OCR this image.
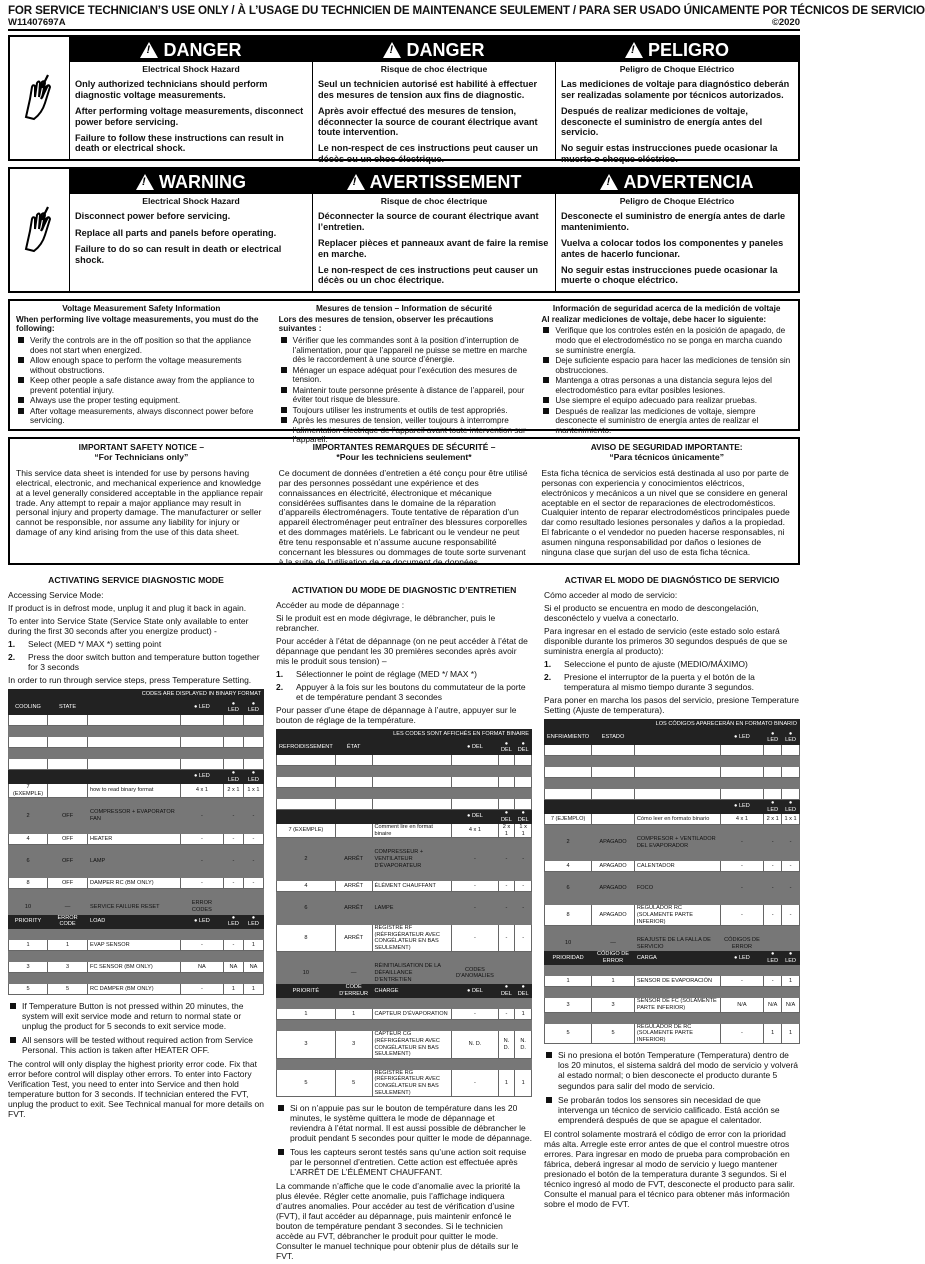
FOR SERVICE TECHNICIAN’S USE ONLY / À L’USAGE DU TECHNICIEN DE MAINTENANCE SEULEMENT / PARA SER USADO ÚNICAMENTE POR TÉCNICOS DE SERVICIO
W11407697A	©2020
! DANGER
Electrical Shock Hazard

Only authorized technicians should perform diagnostic voltage measurements.

After performing voltage measurements, disconnect power before servicing.

Failure to follow these instructions can result in death or electrical shock.

! DANGER
Risque de choc électrique

Seul un technicien autorisé est habilité à effectuer des mesures de tension aux fins de diagnostic.

Après avoir effectué des mesures de tension, déconnecter la source de courant électrique avant toute intervention.

Le non-respect de ces instructions peut causer un décès ou un choc électrique.

! PELIGRO
Peligro de Choque Eléctrico

Las mediciones de voltaje para diagnóstico deberán ser realizadas solamente por técnicos autorizados.

Después de realizar mediciones de voltaje, desconecte el suministro de energía antes del servicio.

No seguir estas instrucciones puede ocasionar la muerte o choque eléctrico.

! WARNING
Electrical Shock Hazard

Disconnect power before servicing.

Replace all parts and panels before operating.

Failure to do so can result in death or electrical shock.

! AVERTISSEMENT
Risque de choc électrique

Déconnecter la source de courant électrique avant l’entretien.

Replacer pièces et panneaux avant de faire la remise en marche.

Le non-respect de ces instructions peut causer un décès ou un choc électrique.

! ADVERTENCIA
Peligro de Choque Eléctrico

Desconecte el suministro de energía antes de darle mantenimiento.

Vuelva a colocar todos los componentes y paneles antes de hacerlo funcionar.

No seguir estas instrucciones puede ocasionar la muerte o choque eléctrico.

Voltage Measurement Safety Information
When performing live voltage measurements, you must do the following:
Verify the controls are in the off position so that the appliance does not start when energized.
Allow enough space to perform the voltage measurements without obstructions.
Keep other people a safe distance away from the appliance to prevent potential injury.
Always use the proper testing equipment.
After voltage measurements, always disconnect power before servicing.
Mesures de tension – Information de sécurité
Lors des mesures de tension, observer les précautions suivantes :
Vérifier que les commandes sont à la position d’interruption de l’alimentation, pour que l’appareil ne puisse se mettre en marche dès le raccordement à une source d’énergie.
Ménager un espace adéquat pour l’exécution des mesures de tension.
Maintenir toute personne présente à distance de l’appareil, pour éviter tout risque de blessure.
Toujours utiliser les instruments et outils de test appropriés.
Après les mesures de tension, veiller toujours à interrompre l’alimentation électrique de l’appareil avant toute intervention sur l’appareil.
Información de seguridad acerca de la medición de voltaje
Al realizar mediciones de voltaje, debe hacer lo siguiente:
Verifique que los controles estén en la posición de apagado, de modo que el electrodoméstico no se ponga en marcha cuando se suministre energía.
Deje suficiente espacio para hacer las mediciones de tensión sin obstrucciones.
Mantenga a otras personas a una distancia segura lejos del electrodoméstico para evitar posibles lesiones.
Use siempre el equipo adecuado para realizar pruebas.
Después de realizar las mediciones de voltaje, siempre desconecte el suministro de energía antes de realizar el mantenimiento.
IMPORTANT SAFETY NOTICE –
“For Technicians only”
This service data sheet is intended for use by persons having electrical, electronic, and mechanical experience and knowledge at a level generally considered acceptable in the appliance repair trade. Any attempt to repair a major appliance may result in personal injury and property damage. The manufacturer or seller cannot be responsible, nor assume any liability for injury or damage of any kind arising from the use of this data sheet.
IMPORTANTES REMARQUES DE SÉCURITÉ –
*Pour les techniciens seulement*
Ce document de données d’entretien a été conçu pour être utilisé par des personnes possédant une expérience et des connaissances en électricité, électronique et mécanique considérées suffisantes dans le domaine de la réparation d’appareils électroménagers. Toute tentative de réparation d’un appareil électroménager peut entraîner des blessures corporelles et des dommages matériels. Le fabricant ou le vendeur ne peut être tenu responsable et n’assume aucune responsabilité concernant les blessures ou dommages de toute sorte survenant à la suite de l’utilisation de ce document de données.
AVISO DE SEGURIDAD IMPORTANTE:
“Para técnicos únicamente”
Esta ficha técnica de servicios está destinada al uso por parte de personas con experiencia y conocimientos eléctricos, electrónicos y mecánicos a un nivel que se considere en general aceptable en el sector de reparaciones de electrodomésticos. Cualquier intento de reparar electrodomésticos principales puede dar como resultado lesiones personales y daños a la propiedad. El fabricante o el vendedor no pueden hacerse responsables, ni asumen ninguna responsabilidad por daños o lesiones de ninguna clase que surjan del uso de esta ficha técnica.
ACTIVATING SERVICE DIAGNOSTIC MODE

Accessing Service Mode:

If product is in defrost mode, unplug it and plug it back in again.

To enter into Service State (Service State only available to enter during the first 30 seconds after you energize product) -

1.	Select (MED */ MAX *) setting point
2.	Press the door switch button and temperature button together for 3 seconds

In order to run through service steps, press Temperature Setting.

CODES ARE DISPLAYED IN BINARY FORMAT					
COOLING	STATE		● LED	● LED	● LED

			● LED	● LED	● LED
7 (EXEMPLE)		how to read binary format	4 x 1	2 x 1	1 x 1

2	OFF	COMPRESSOR + EVAPORATOR FAN	-	-	-

4	OFF	HEATER	-	-	-

6	OFF	LAMP	-	-	-

8	OFF	DAMPER RC (BM ONLY)	-	-	-

10	—	SERVICE FAILURE RESET	ERROR CODES		
PRIORITY	ERROR CODE	LOAD	● LED	● LED	● LED

1	1	EVAP SENSOR	-	-	1

3	3	FC SENSOR (BM ONLY)	NA	NA	NA

5	5	RC DAMPER (BM ONLY)	-	1	1
If Temperature Button is not pressed within 20 minutes, the system will exit service mode and return to normal state or unplug the product for 5 seconds to exit service mode.
All sensors will be tested without required action from Service Personal. This action is taken after HEATER OFF.

The control will only display the highest priority error code. Fix that error before control will display other errors. To enter into Factory Verification Test, you need to enter into Service and then hold temperature button for 3 seconds. If technician entered the FVT, unplug the product to exit. See Technical manual for more details on FVT.

ACTIVATION DU MODE DE DIAGNOSTIC D’ENTRETIEN

Accéder au mode de dépannage :

Si le produit est en mode dégivrage, le débrancher, puis le rebrancher.

Pour accéder à l’état de dépannage (on ne peut accéder à l’état de dépannage que pendant les 30 premières secondes après avoir mis le produit sous tension) –

1.	Sélectionner le point de réglage (MED */ MAX *)
2.	Appuyer à la fois sur les boutons du commutateur de la porte et de température pendant 3 secondes

Pour passer d’une étape de dépannage à l’autre, appuyer sur le bouton de réglage de la température.

LES CODES SONT AFFICHÉS EN FORMAT BINAIRE					
REFROIDISSEMENT	ÉTAT		● DEL	● DEL	● DEL

			● DEL	● DEL	● DEL
7 (EXEMPLE)		Comment lire en format binaire	4 x 1	2 x 1	1 x 1

2	ARRÊT	COMPRESSEUR + VENTILATEUR D’ÉVAPORATEUR	-	-	-

4	ARRÊT	ÉLÉMENT CHAUFFANT	-	-	-

6	ARRÊT	LAMPE	-	-	-

8	ARRÊT	REGISTRE RF (RÉFRIGÉRATEUR AVEC CONGÉLATEUR EN BAS SEULEMENT)	-	-	-

10	—	RÉINITIALISATION DE LA DÉFAILLANCE D’ENTRETIEN	CODES D’ANOMALIES		
PRIORITÉ	CODE D’ERREUR	CHARGE	● DEL	● DEL	● DEL

1	1	CAPTEUR D’ÉVAPORATION	-	-	1

3	3	CAPTEUR CG (RÉFRIGÉRATEUR AVEC CONGÉLATEUR EN BAS SEULEMENT)	N. D.	N. D.	N. D.

5	5	REGISTRE RG (RÉFRIGÉRATEUR AVEC CONGÉLATEUR EN BAS SEULEMENT)	-	1	1
Si on n’appuie pas sur le bouton de température dans les 20 minutes, le système quittera le mode de dépannage et reviendra à l’état normal. Il est aussi possible de débrancher le produit pendant 5 secondes pour quitter le mode de dépannage.
Tous les capteurs seront testés sans qu’une action soit requise par le personnel d’entretien. Cette action est effectuée après L’ARRÊT DE L’ÉLÉMENT CHAUFFANT.

La commande n’affiche que le code d’anomalie avec la priorité la plus élevée. Régler cette anomalie, puis l’affichage indiquera d’autres anomalies. Pour accéder au test de vérification d’usine (FVT), il faut accéder au dépannage, puis maintenir enfoncé le bouton de température pendant 3 secondes. Si le technicien accède au FVT, débrancher le produit pour quitter le mode. Consulter le manuel technique pour obtenir plus de détails sur le FVT.

ACTIVAR EL MODO DE DIAGNÓSTICO DE SERVICIO

Cómo acceder al modo de servicio:

Si el producto se encuentra en modo de descongelación, desconéctelo y vuelva a conectarlo.

Para ingresar en el estado de servicio (este estado solo estará disponible durante los primeros 30 segundos después de que se suministra energía al producto):

1.	Seleccione el punto de ajuste (MEDIO/MÁXIMO)
2.	Presione el interruptor de la puerta y el botón de la temperatura al mismo tiempo durante 3 segundos.

Para poner en marcha los pasos del servicio, presione Temperature Setting (Ajuste de temperatura).

LOS CÓDIGOS APARECERÁN EN FORMATO BINARIO					
ENFRIAMIENTO	ESTADO		● LED	● LED	● LED

			● LED	● LED	● LED
7 (EJEMPLO)		Cómo leer en formato binario	4 x 1	2 x 1	1 x 1

2	APAGADO	COMPRESOR + VENTILADOR DEL EVAPORADOR	-	-	-

4	APAGADO	CALENTADOR	-	-	-

6	APAGADO	FOCO	-	-	-

8	APAGADO	REGULADOR RC (SOLAMENTE PARTE INFERIOR)	-	-	-

10	—	REAJUSTE DE LA FALLA DE SERVICIO	CÓDIGOS DE ERROR		
PRIORIDAD	CÓDIGO DE ERROR	CARGA	● LED	● LED	● LED

1	1	SENSOR DE EVAPORACIÓN	-	-	1

3	3	SENSOR DE FC (SOLAMENTE PARTE INFERIOR)	N/A	N/A	N/A

5	5	REGULADOR DE RC (SOLAMENTE PARTE INFERIOR)	-	1	1
Si no presiona el botón Temperature (Temperatura) dentro de los 20 minutos, el sistema saldrá del modo de servicio y volverá al estado normal; o bien desconecte el producto durante 5 segundos para salir del modo de servicio.
Se probarán todos los sensores sin necesidad de que intervenga un técnico de servicio calificado. Está acción se emprenderá después de que se apague el calentador.

El control solamente mostrará el código de error con la prioridad más alta. Arregle este error antes de que el control muestre otros errores. Para ingresar en modo de prueba para comprobación en fábrica, deberá ingresar al modo de servicio y luego mantener presionado el botón de la temperatura durante 3 segundos. Si el técnico ingresó al modo de FVT, desconecte el producto para salir. Consulte el manual para el técnico para obtener más información sobre el modo de FVT.
